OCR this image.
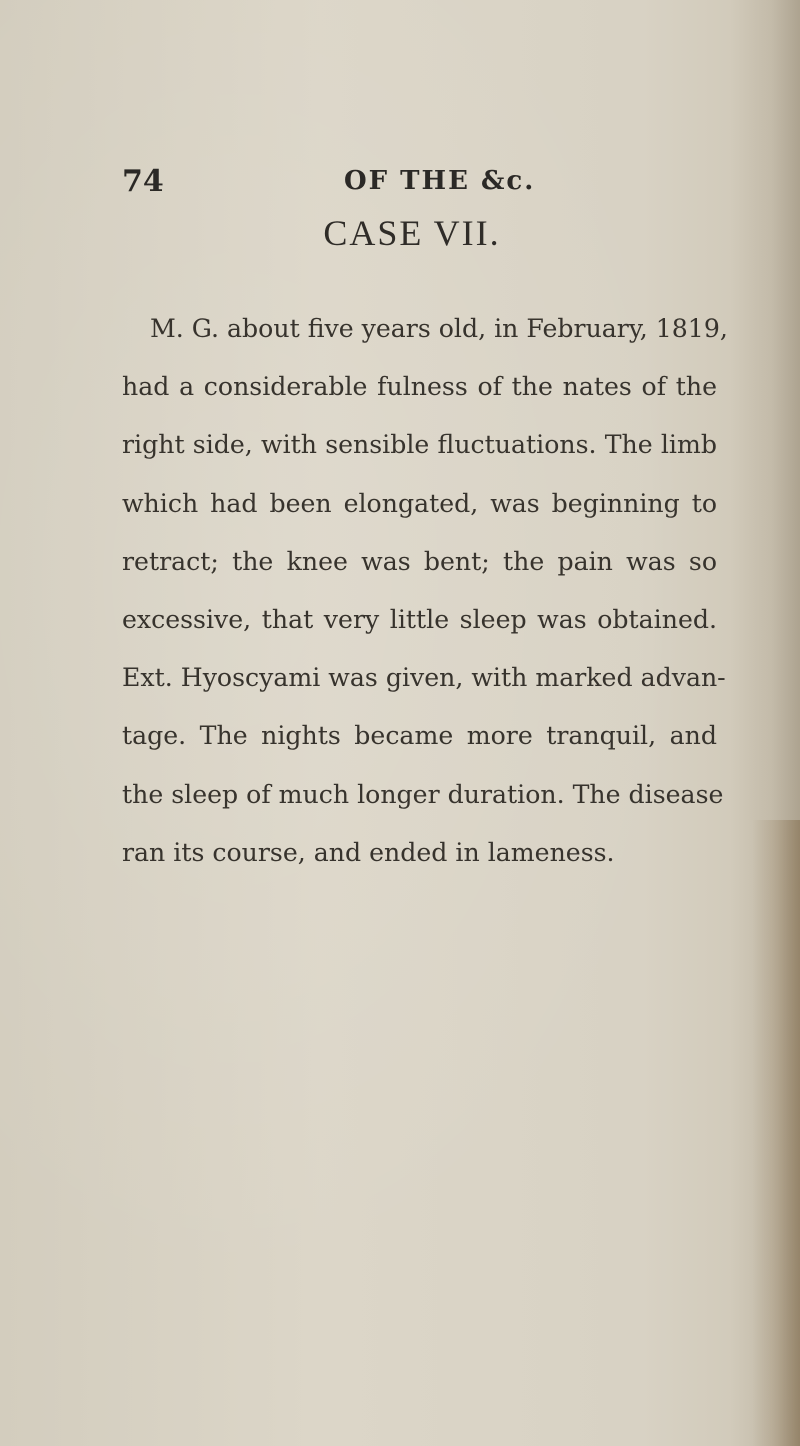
74	OF THE &c.
CASE VII.
M. G. about five years old, in February, 1819,
had a considerable fulness of the nates of the
right side, with sensible fluctuations. The limb
which had been elongated, was beginning to
retract; the knee was bent; the pain was so
excessive, that very little sleep was obtained.
Ext. Hyoscyami was given, with marked advan-
tage. The nights became more tranquil, and
the sleep of much longer duration. The disease
ran its course, and ended in lameness.
